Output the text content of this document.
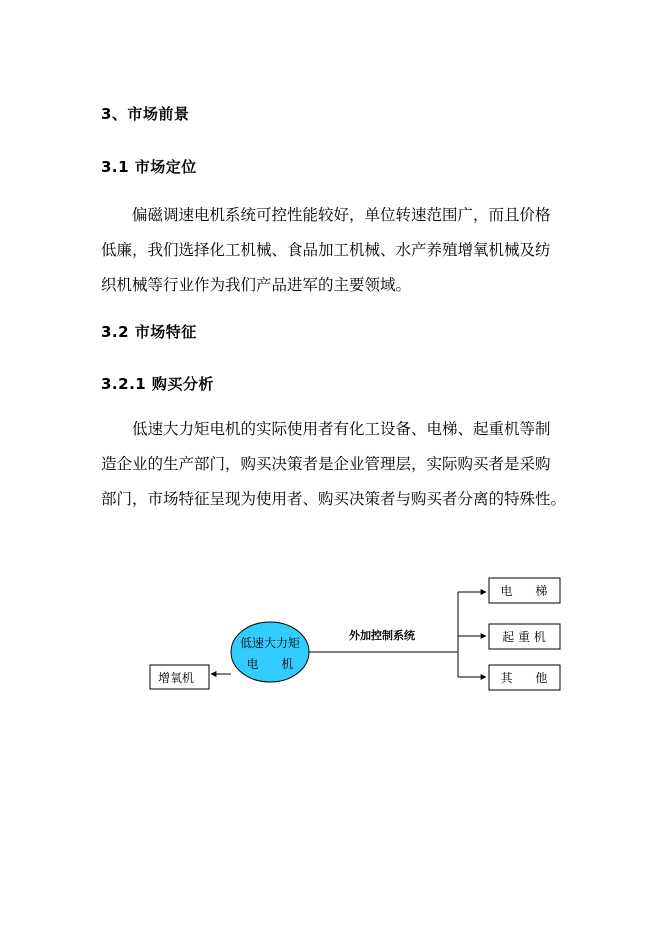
3、市场前景
3.1 市场定位

偏磁调速电机系统可控性能较好，单位转速范围广，而且价格
低廉，我们选择化工机械、食品加工机械、水产养殖增氧机械及纺
织机械等行业作为我们产品进军的主要领域。

3.2 市场特征
3.2.1 购买分析

低速大力矩电机的实际使用者有化工设备、电梯、起重机等制
造企业的生产部门，购买决策者是企业管理层，实际购买者是采购
部门，市场特征呈现为使用者、购买决策者与购买者分离的特殊性。

低速大力矩
电      机
增氧机
外加控制系统
电      梯
起 重 机
其      他
